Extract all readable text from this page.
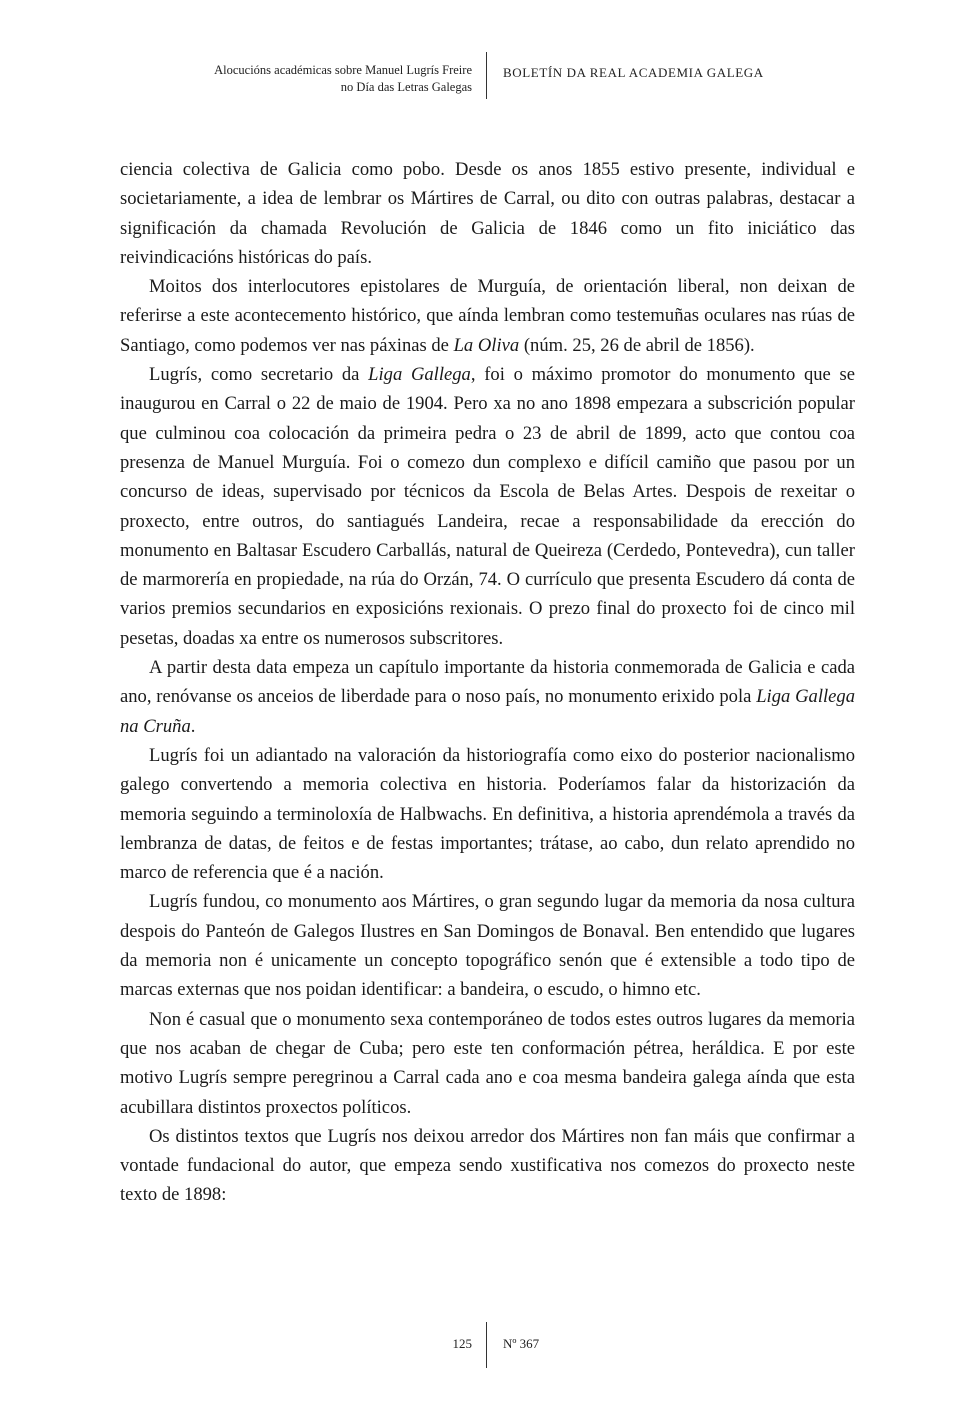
Alocucións académicas sobre Manuel Lugrís Freire
no Día das Letras Galegas
BOLETÍN DA REAL ACADEMIA GALEGA

ciencia colectiva de Galicia como pobo. Desde os anos 1855 estivo presente, individual e societariamente, a idea de lembrar os Mártires de Carral, ou dito con outras palabras, destacar a significación da chamada Revolución de Galicia de 1846 como un fito iniciático das reivindicacións históricas do país.

Moitos dos interlocutores epistolares de Murguía, de orientación liberal, non deixan de referirse a este acontecemento histórico, que aínda lembran como testemuñas oculares nas rúas de Santiago, como podemos ver nas páxinas de La Oliva (núm. 25, 26 de abril de 1856).

Lugrís, como secretario da Liga Gallega, foi o máximo promotor do monumento que se inaugurou en Carral o 22 de maio de 1904. Pero xa no ano 1898 empezara a subscrición popular que culminou coa colocación da primeira pedra o 23 de abril de 1899, acto que contou coa presenza de Manuel Murguía. Foi o comezo dun complexo e difícil camiño que pasou por un concurso de ideas, supervisado por técnicos da Escola de Belas Artes. Despois de rexeitar o proxecto, entre outros, do santiagués Landeira, recae a responsabilidade da erección do monumento en Baltasar Escudero Carballás, natural de Queireza (Cerdedo, Pontevedra), cun taller de marmorería en propiedade, na rúa do Orzán, 74. O currículo que presenta Escudero dá conta de varios premios secundarios en exposicións rexionais. O prezo final do proxecto foi de cinco mil pesetas, doadas xa entre os numerosos subscritores.

A partir desta data empeza un capítulo importante da historia conmemorada de Galicia e cada ano, renóvanse os anceios de liberdade para o noso país, no monumento erixido pola Liga Gallega na Cruña.

Lugrís foi un adiantado na valoración da historiografía como eixo do posterior nacionalismo galego convertendo a memoria colectiva en historia. Poderíamos falar da historización da memoria seguindo a terminoloxía de Halbwachs. En definitiva, a historia aprendémola a través da lembranza de datas, de feitos e de festas importantes; trátase, ao cabo, dun relato aprendido no marco de referencia que é a nación.

Lugrís fundou, co monumento aos Mártires, o gran segundo lugar da memoria da nosa cultura despois do Panteón de Galegos Ilustres en San Domingos de Bonaval. Ben entendido que lugares da memoria non é unicamente un concepto topográfico senón que é extensible a todo tipo de marcas externas que nos poidan identificar: a bandeira, o escudo, o himno etc.

Non é casual que o monumento sexa contemporáneo de todos estes outros lugares da memoria que nos acaban de chegar de Cuba; pero este ten conformación pétrea, heráldica. E por este motivo Lugrís sempre peregrinou a Carral cada ano e coa mesma bandeira galega aínda que esta acubillara distintos proxectos políticos.

Os distintos textos que Lugrís nos deixou arredor dos Mártires non fan máis que confirmar a vontade fundacional do autor, que empeza sendo xustificativa nos comezos do proxecto neste texto de 1898:

125 Nº 367
